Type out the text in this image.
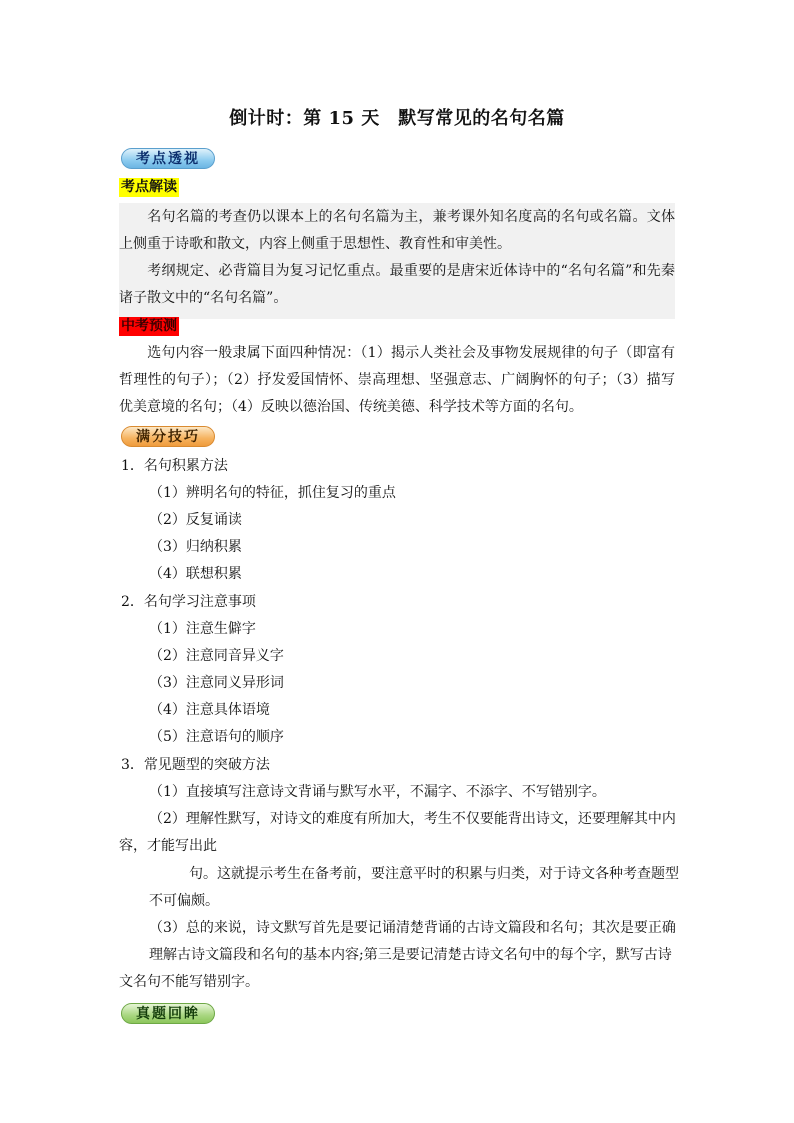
倒计时：第 15 天　默写常见的名句名篇
考点透视
考点解读
名句名篇的考查仍以课本上的名句名篇为主，兼考课外知名度高的名句或名篇。文体上侧重于诗歌和散文，内容上侧重于思想性、教育性和审美性。
考纲规定、必背篇目为复习记忆重点。最重要的是唐宋近体诗中的“名句名篇”和先秦诸子散文中的“名句名篇”。
中考预测
选句内容一般隶属下面四种情况：（1）揭示人类社会及事物发展规律的句子（即富有哲理性的句子）；（2）抒发爱国情怀、崇高理想、坚强意志、广阔胸怀的句子；（3）描写优美意境的名句；（4）反映以德治国、传统美德、科学技术等方面的名句。
满分技巧
1．名句积累方法
（1）辨明名句的特征，抓住复习的重点
（2）反复诵读
（3）归纳积累
（4）联想积累
2．名句学习注意事项
（1）注意生僻字
（2）注意同音异义字
（3）注意同义异形词
（4）注意具体语境
（5）注意语句的顺序
3．常见题型的突破方法
（1）直接填写注意诗文背诵与默写水平，不漏字、不添字、不写错别字。
（2）理解性默写，对诗文的难度有所加大，考生不仅要能背出诗文，还要理解其中内
容，才能写出此
句。这就提示考生在备考前，要注意平时的积累与归类，对于诗文各种考查题型
不可偏颇。
（3）总的来说，诗文默写首先是要记诵清楚背诵的古诗文篇段和名句；其次是要正确
理解古诗文篇段和名句的基本内容;第三是要记清楚古诗文名句中的每个字，默写古诗
文名句不能写错别字。
真题回眸
